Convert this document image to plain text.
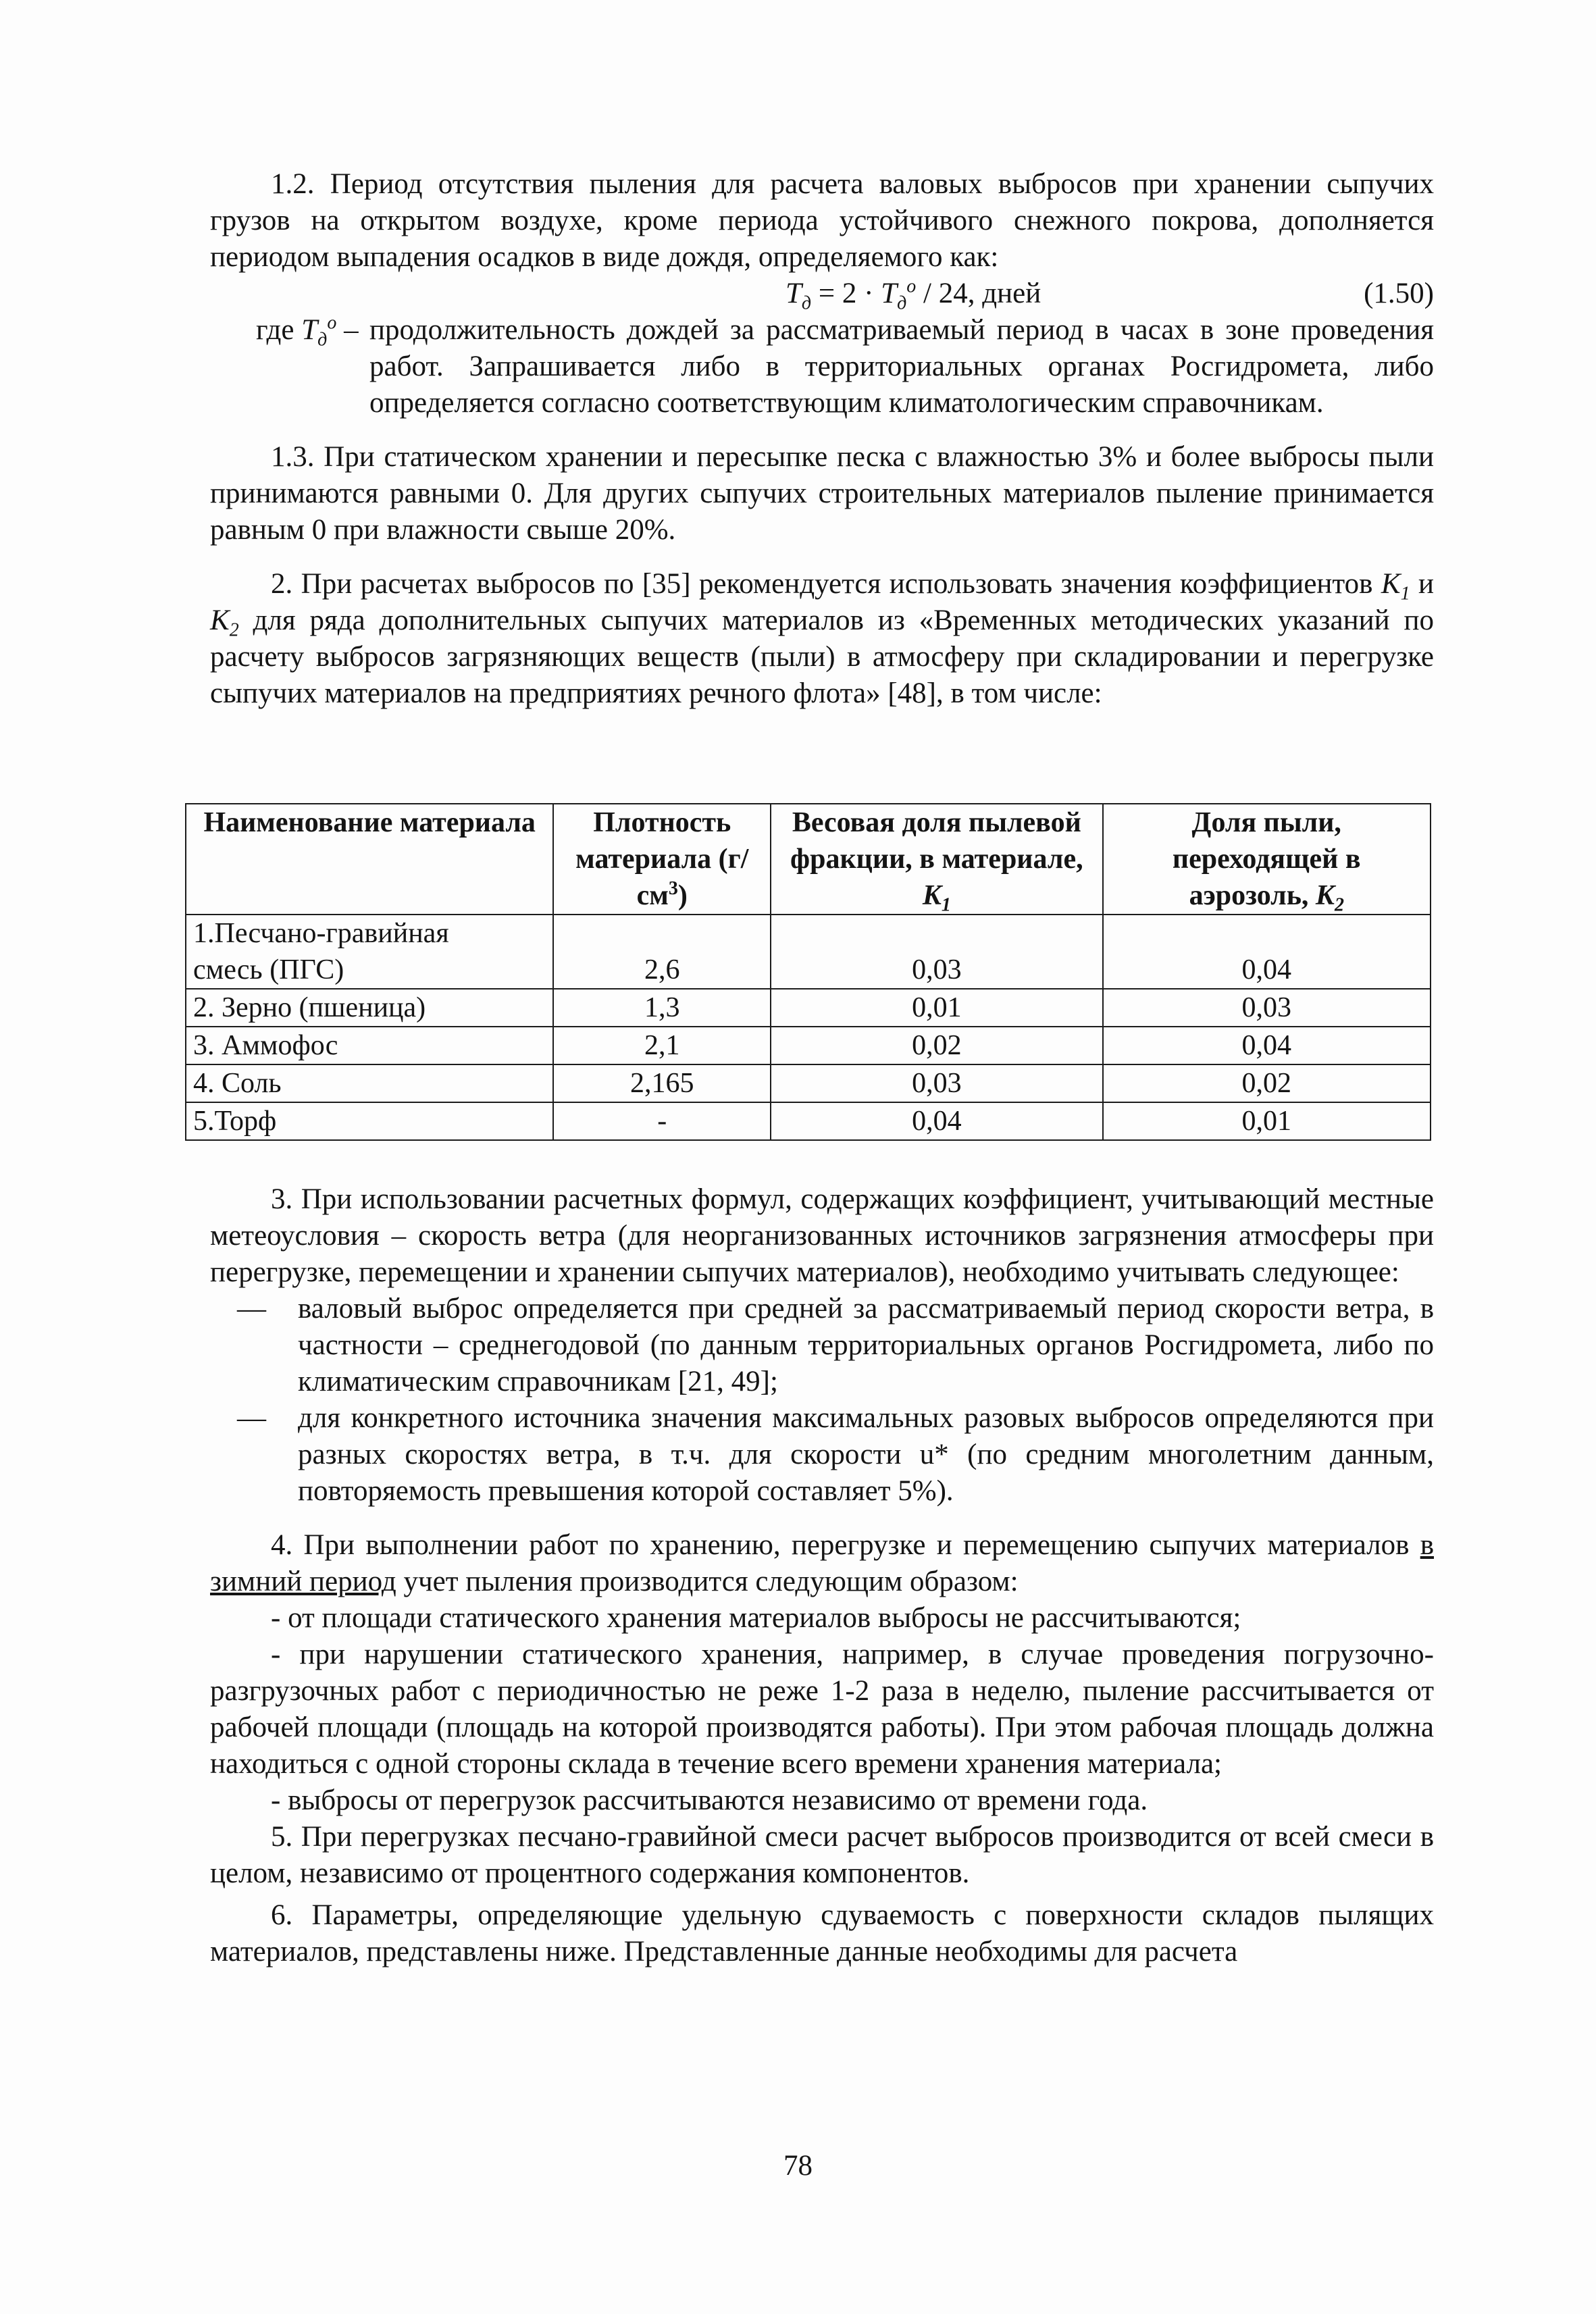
1.2. Период отсутствия пыления для расчета валовых выбросов при хранении сыпучих грузов на открытом воздухе, кроме периода устойчивого снежного покрова, дополняется периодом выпадения осадков в виде дождя, определяемого как:

$T_д = 2 \cdot T_д^o / 24$, дней	(1.50)
где $T_д^o$ – продолжительность дождей за рассматриваемый период в часах в зоне проведения работ. Запрашивается либо в территориальных органах Росгидромета, либо определяется согласно соответствующим климатологическим справочникам.

1.3. При статическом хранении и пересыпке песка с влажностью 3% и более выбросы пыли принимаются равными 0. Для других сыпучих строительных материалов пыление принимается равным 0 при влажности свыше 20%.

2. При расчетах выбросов по [35] рекомендуется использовать значения коэффициентов $K_1$ и $K_2$ для ряда дополнительных сыпучих материалов из «Временных методических указаний по расчету выбросов загрязняющих веществ (пыли) в атмосферу при складировании и перегрузке сыпучих материалов на предприятиях речного флота» [48], в том числе:

Наименование материала	Плотность материала $(г/см^3)$	Весовая доля пылевой фракции, в материале, $K_1$	Доля пыли, переходящей в аэрозоль, $K_2$
1.Песчано-гравийная
смесь (ПГС)	2,6	0,03	0,04
2. Зерно (пшеница)	1,3	0,01	0,03
3. Аммофос	2,1	0,02	0,04
4. Соль	2,165	0,03	0,02
5.Торф	-	0,04	0,01

3. При использовании расчетных формул, содержащих коэффициент, учитывающий местные метеоусловия – скорость ветра (для неорганизованных источников загрязнения атмосферы при перегрузке, перемещении и хранении сыпучих материалов), необходимо учитывать следующее:

—	валовый выброс определяется при средней за рассматриваемый период скорости ветра, в частности – среднегодовой (по данным территориальных органов Росгидромета, либо по климатическим справочникам [21, 49];

—	для конкретного источника значения максимальных разовых выбросов определяются при разных скоростях ветра, в т.ч. для скорости u* (по средним многолетним данным, повторяемость превышения которой составляет 5%).

4. При выполнении работ по хранению, перегрузке и перемещению сыпучих материалов в зимний период учет пыления производится следующим образом:

- от площади статического хранения материалов выбросы не рассчитываются;

- при нарушении статического хранения, например, в случае проведения погрузочно-разгрузочных работ с периодичностью не реже 1-2 раза в неделю, пыление рассчитывается от рабочей площади (площадь на которой производятся работы). При этом рабочая площадь должна находиться с одной стороны склада в течение всего времени хранения материала;

- выбросы от перегрузок рассчитываются независимо от времени года.

5. При перегрузках песчано-гравийной смеси расчет выбросов производится от всей смеси в целом, независимо от процентного содержания компонентов.

6. Параметры, определяющие удельную сдуваемость с поверхности складов пылящих материалов, представлены ниже. Представленные данные необходимы для расчета

78
